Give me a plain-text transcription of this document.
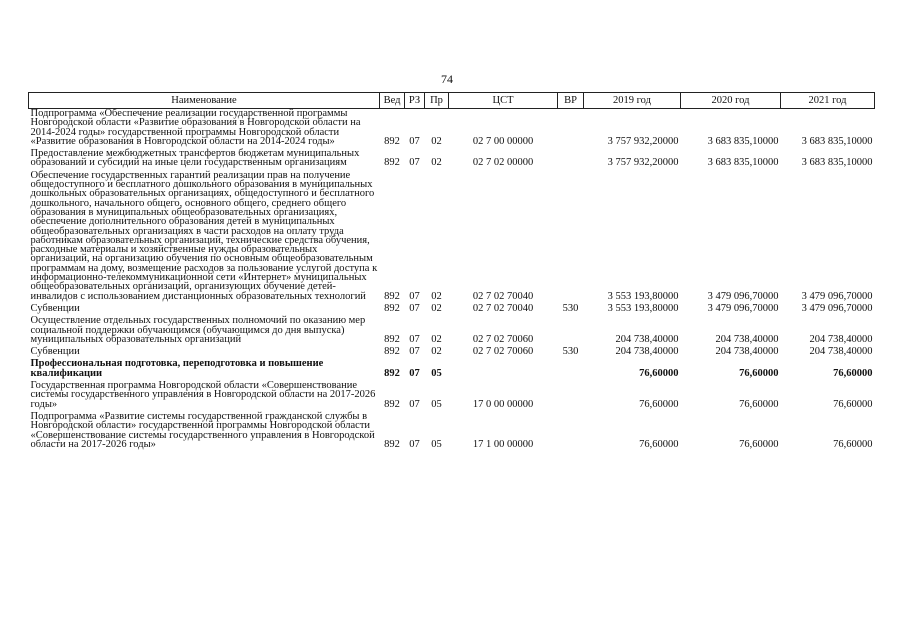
74
Наименование	Вед	РЗ	Пр	ЦСТ	ВР	2019 год	2020 год	2021 год
Подпрограмма «Обеспечение реализации государственной программы Новгородской области «Развитие образования в Новгородской области на 2014-2024 годы» государственной программы Новгородской области «Развитие образования в Новгородской области на 2014-2024 годы»	892	07	02	02 7 00 00000		3 757 932,20000	3 683 835,10000	3 683 835,10000

Предоставление межбюджетных трансфертов бюджетам муниципальных образований и субсидий на иные цели государственным организациям	892	07	02	02 7 02 00000		3 757 932,20000	3 683 835,10000	3 683 835,10000

Обеспечение государственных гарантий реализации прав на получение общедоступного и бесплатного дошкольного образования в муниципальных дошкольных образовательных организациях, общедоступного и бесплатного дошкольного, начального общего, основного общего, среднего общего образования в муниципальных общеобразовательных организациях, обеспечение дополнительного образования детей в муниципальных общеобразовательных организациях в части расходов на оплату труда работникам образовательных организаций, технические средства обучения, расходные материалы и хозяйственные нужды образовательных организаций, на организацию обучения по основным общеобразовательным программам на дому, возмещение расходов за пользование услугой доступа к информационно-телекоммуникационной сети «Интернет» муниципальных общеобразовательных организаций, организующих обучение детей-инвалидов с использованием дистанционных образовательных технологий	892	07	02	02 7 02 70040		3 553 193,80000	3 479 096,70000	3 479 096,70000

Субвенции	892	07	02	02 7 02 70040	530	3 553 193,80000	3 479 096,70000	3 479 096,70000

Осуществление отдельных государственных полномочий по оказанию мер социальной поддержки обучающимся (обучающимся до дня выпуска) муниципальных образовательных организаций	892	07	02	02 7 02 70060		204 738,40000	204 738,40000	204 738,40000

Субвенции	892	07	02	02 7 02 70060	530	204 738,40000	204 738,40000	204 738,40000

Профессиональная подготовка, переподготовка и повышение квалификации	892	07	05			76,60000	76,60000	76,60000

Государственная программа Новгородской области «Совершенствование системы государственного управления в Новгородской области на 2017-2026 годы»	892	07	05	17 0 00 00000		76,60000	76,60000	76,60000

Подпрограмма «Развитие системы государственной гражданской службы в Новгородской области» государственной программы Новгородской области «Совершенствование системы государственного управления в Новгородской области на 2017-2026 годы»	892	07	05	17 1 00 00000		76,60000	76,60000	76,60000
